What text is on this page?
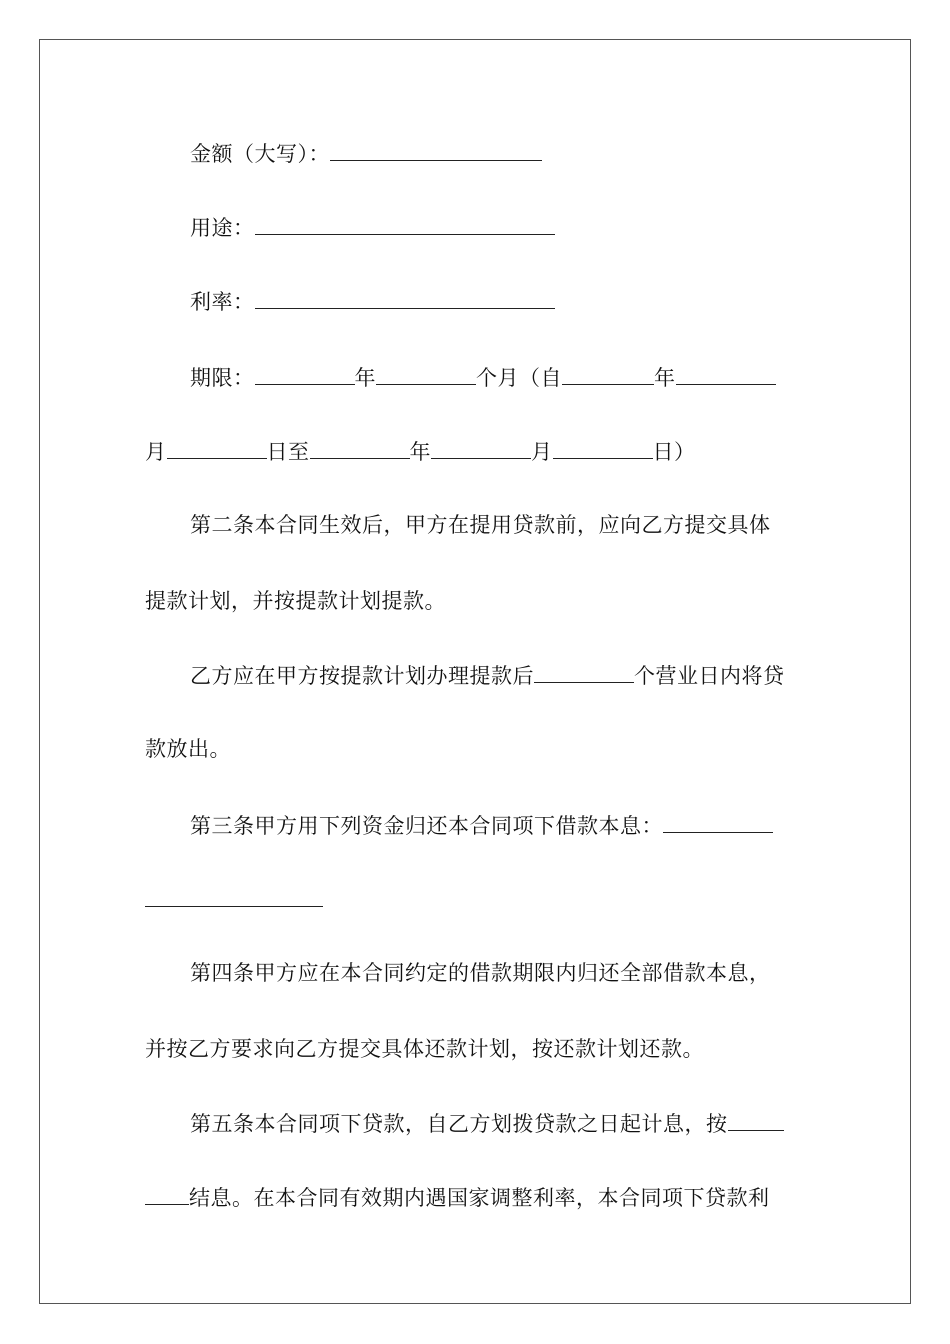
金额（大写）：
用途：
利率：
期限：	年	个月（自	年
月	日至	年	月	日）
第二条本合同生效后，甲方在提用贷款前，应向乙方提交具体
提款计划，并按提款计划提款。
乙方应在甲方按提款计划办理提款后	个营业日内将贷
款放出。
第三条甲方用下列资金归还本合同项下借款本息：
第四条甲方应在本合同约定的借款期限内归还全部借款本息，
并按乙方要求向乙方提交具体还款计划，按还款计划还款。
第五条本合同项下贷款，自乙方划拨贷款之日起计息，按
结息。在本合同有效期内遇国家调整利率，本合同项下贷款利
